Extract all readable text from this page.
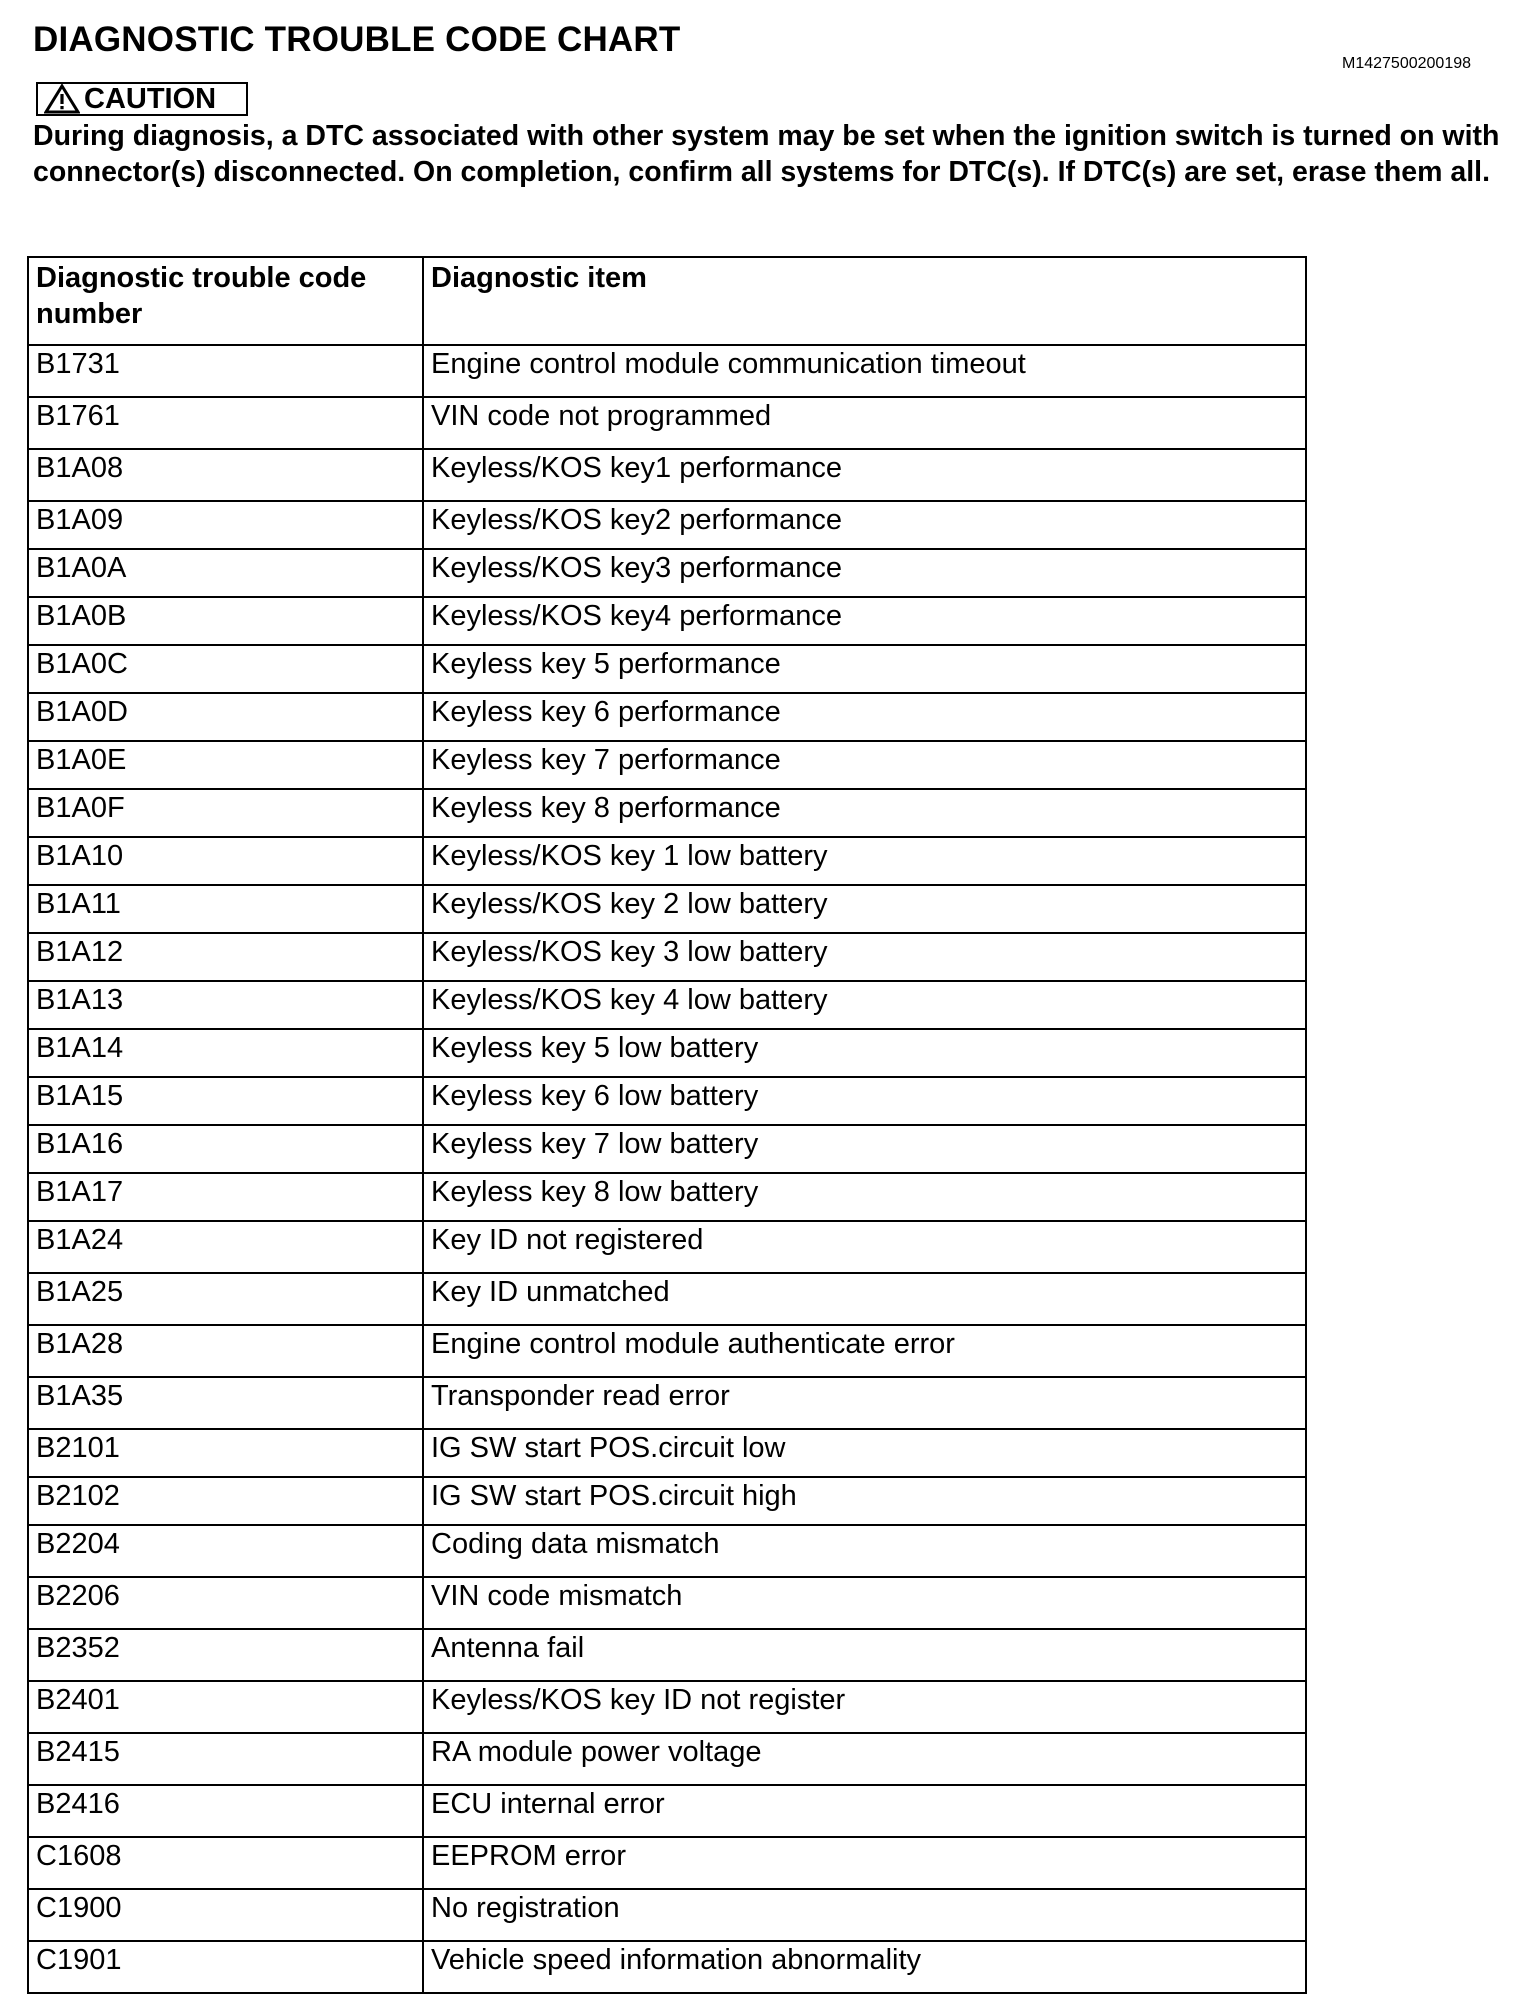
DIAGNOSTIC TROUBLE CODE CHART
M1427500200198
CAUTION
During diagnosis, a DTC associated with other system may be set when the ignition switch is turned on with connector(s) disconnected. On completion, confirm all systems for DTC(s). If DTC(s) are set, erase them all.
Diagnostic trouble code number	Diagnostic item
B1731	Engine control module communication timeout
B1761	VIN code not programmed
B1A08	Keyless/KOS key1 performance
B1A09	Keyless/KOS key2 performance
B1A0A	Keyless/KOS key3 performance
B1A0B	Keyless/KOS key4 performance
B1A0C	Keyless key 5 performance
B1A0D	Keyless key 6 performance
B1A0E	Keyless key 7 performance
B1A0F	Keyless key 8 performance
B1A10	Keyless/KOS key 1 low battery
B1A11	Keyless/KOS key 2 low battery
B1A12	Keyless/KOS key 3 low battery
B1A13	Keyless/KOS key 4 low battery
B1A14	Keyless key 5 low battery
B1A15	Keyless key 6 low battery
B1A16	Keyless key 7 low battery
B1A17	Keyless key 8 low battery
B1A24	Key ID not registered
B1A25	Key ID unmatched
B1A28	Engine control module authenticate error
B1A35	Transponder read error
B2101	IG SW start POS.circuit low
B2102	IG SW start POS.circuit high
B2204	Coding data mismatch
B2206	VIN code mismatch
B2352	Antenna fail
B2401	Keyless/KOS key ID not register
B2415	RA module power voltage
B2416	ECU internal error
C1608	EEPROM error
C1900	No registration
C1901	Vehicle speed information abnormality
